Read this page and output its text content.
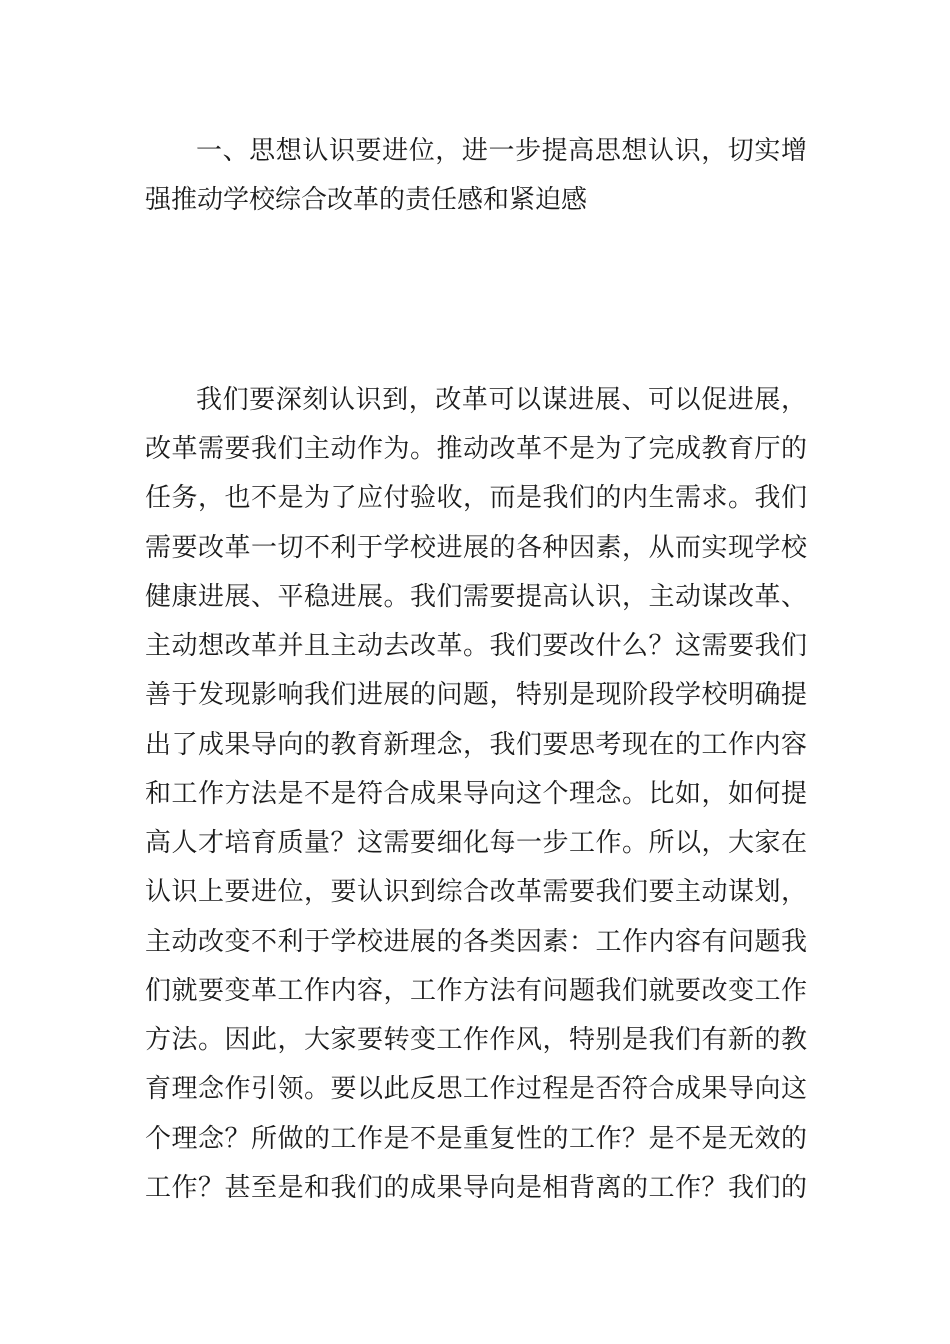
一、思想认识要进位，进一步提高思想认识，切实增

强推动学校综合改革的责任感和紧迫感

我们要深刻认识到，改革可以谋进展、可以促进展，

改革需要我们主动作为。推动改革不是为了完成教育厅的

任务，也不是为了应付验收，而是我们的内生需求。我们

需要改革一切不利于学校进展的各种因素，从而实现学校

健康进展、平稳进展。我们需要提高认识，主动谋改革、

主动想改革并且主动去改革。我们要改什么？这需要我们

善于发现影响我们进展的问题，特别是现阶段学校明确提

出了成果导向的教育新理念，我们要思考现在的工作内容

和工作方法是不是符合成果导向这个理念。比如，如何提

高人才培育质量？这需要细化每一步工作。所以，大家在

认识上要进位，要认识到综合改革需要我们要主动谋划，

主动改变不利于学校进展的各类因素：工作内容有问题我

们就要变革工作内容，工作方法有问题我们就要改变工作

方法。因此，大家要转变工作作风，特别是我们有新的教

育理念作引领。要以此反思工作过程是否符合成果导向这

个理念？所做的工作是不是重复性的工作？是不是无效的

工作？甚至是和我们的成果导向是相背离的工作？我们的
